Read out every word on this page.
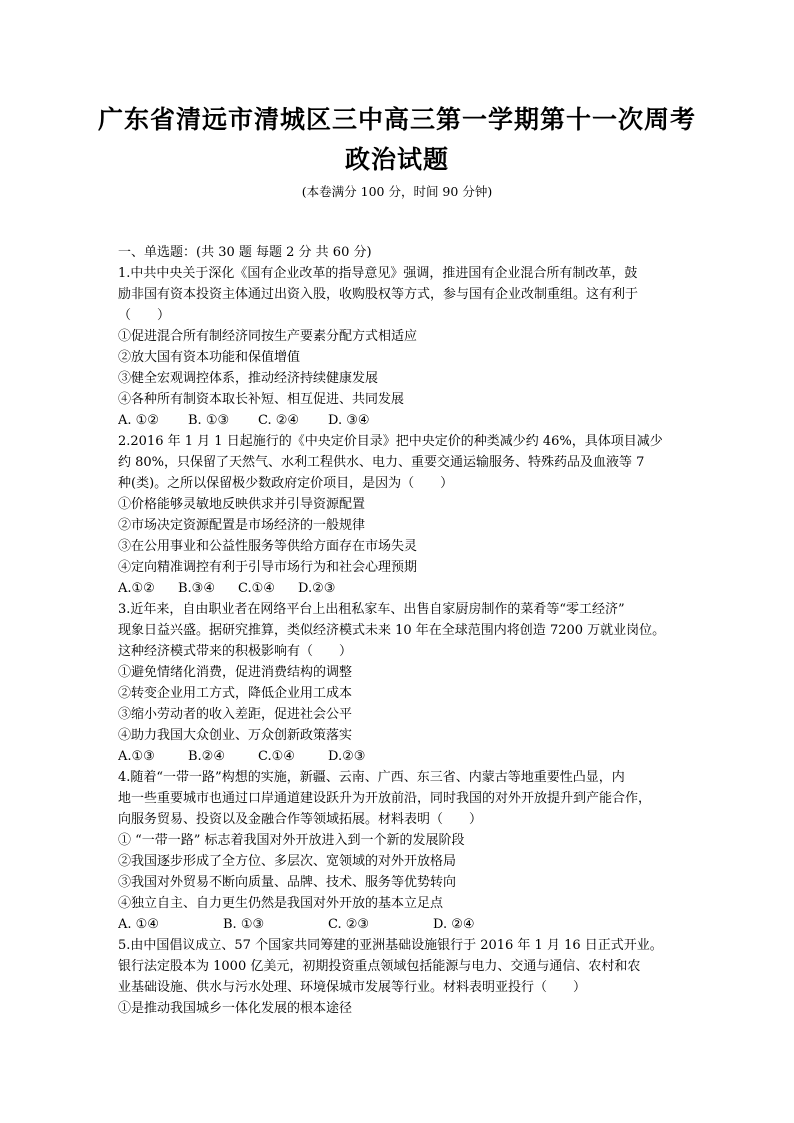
广东省清远市清城区三中高三第一学期第十一次周考
政治试题
(本卷满分 100 分，时间 90 分钟)
一、单选题：(共 30 题 每题 2 分 共 60 分)
1.中共中央关于深化《国有企业改革的指导意见》强调，推进国有企业混合所有制改革，鼓
励非国有资本投资主体通过出资入股，收购股权等方式，参与国有企业改制重组。这有利于
（　　）
①促进混合所有制经济同按生产要素分配方式相适应
②放大国有资本功能和保值增值
③健全宏观调控体系，推动经济持续健康发展
④各种所有制资本取长补短、相互促进、共同发展
A. ①②	B. ①③	C. ②④	D. ③④
2.2016 年 1 月 1 日起施行的《中央定价目录》把中央定价的种类减少约 46%，具体项目减少
约 80%，只保留了天然气、水利工程供水、电力、重要交通运输服务、特殊药品及血液等 7
种(类)。之所以保留极少数政府定价项目，是因为（　　）
①价格能够灵敏地反映供求并引导资源配置
②市场决定资源配置是市场经济的一般规律
③在公用事业和公益性服务等供给方面存在市场失灵
④定向精准调控有利于引导市场行为和社会心理预期
A.①②	B.③④	C.①④	D.②③
3.近年来，自由职业者在网络平台上出租私家车、出售自家厨房制作的菜肴等“零工经济”
现象日益兴盛。据研究推算，类似经济模式未来 10 年在全球范围内将创造 7200 万就业岗位。
这种经济模式带来的积极影响有（　　）
①避免情绪化消费，促进消费结构的调整
②转变企业用工方式，降低企业用工成本
③缩小劳动者的收入差距，促进社会公平
④助力我国大众创业、万众创新政策落实
A.①③	B.②④	C.①④	D.②③
4.随着“一带一路”构想的实施，新疆、云南、广西、东三省、内蒙古等地重要性凸显，内
地一些重要城市也通过口岸通道建设跃升为开放前沿，同时我国的对外开放提升到产能合作，
向服务贸易、投资以及金融合作等领域拓展。材料表明（　　）
① “一带一路” 标志着我国对外开放进入到一个新的发展阶段
②我国逐步形成了全方位、多层次、宽领域的对外开放格局
③我国对外贸易不断向质量、品牌、技术、服务等优势转向
④独立自主、自力更生仍然是我国对外开放的基本立足点
A. ①④	B. ①③	C. ②③	D. ②④
5.由中国倡议成立、57 个国家共同筹建的亚洲基础设施银行于 2016 年 1 月 16 日正式开业。
银行法定股本为 1000 亿美元，初期投资重点领域包括能源与电力、交通与通信、农村和农
业基础设施、供水与污水处理、环境保城市发展等行业。材料表明亚投行（　　）
①是推动我国城乡一体化发展的根本途径
